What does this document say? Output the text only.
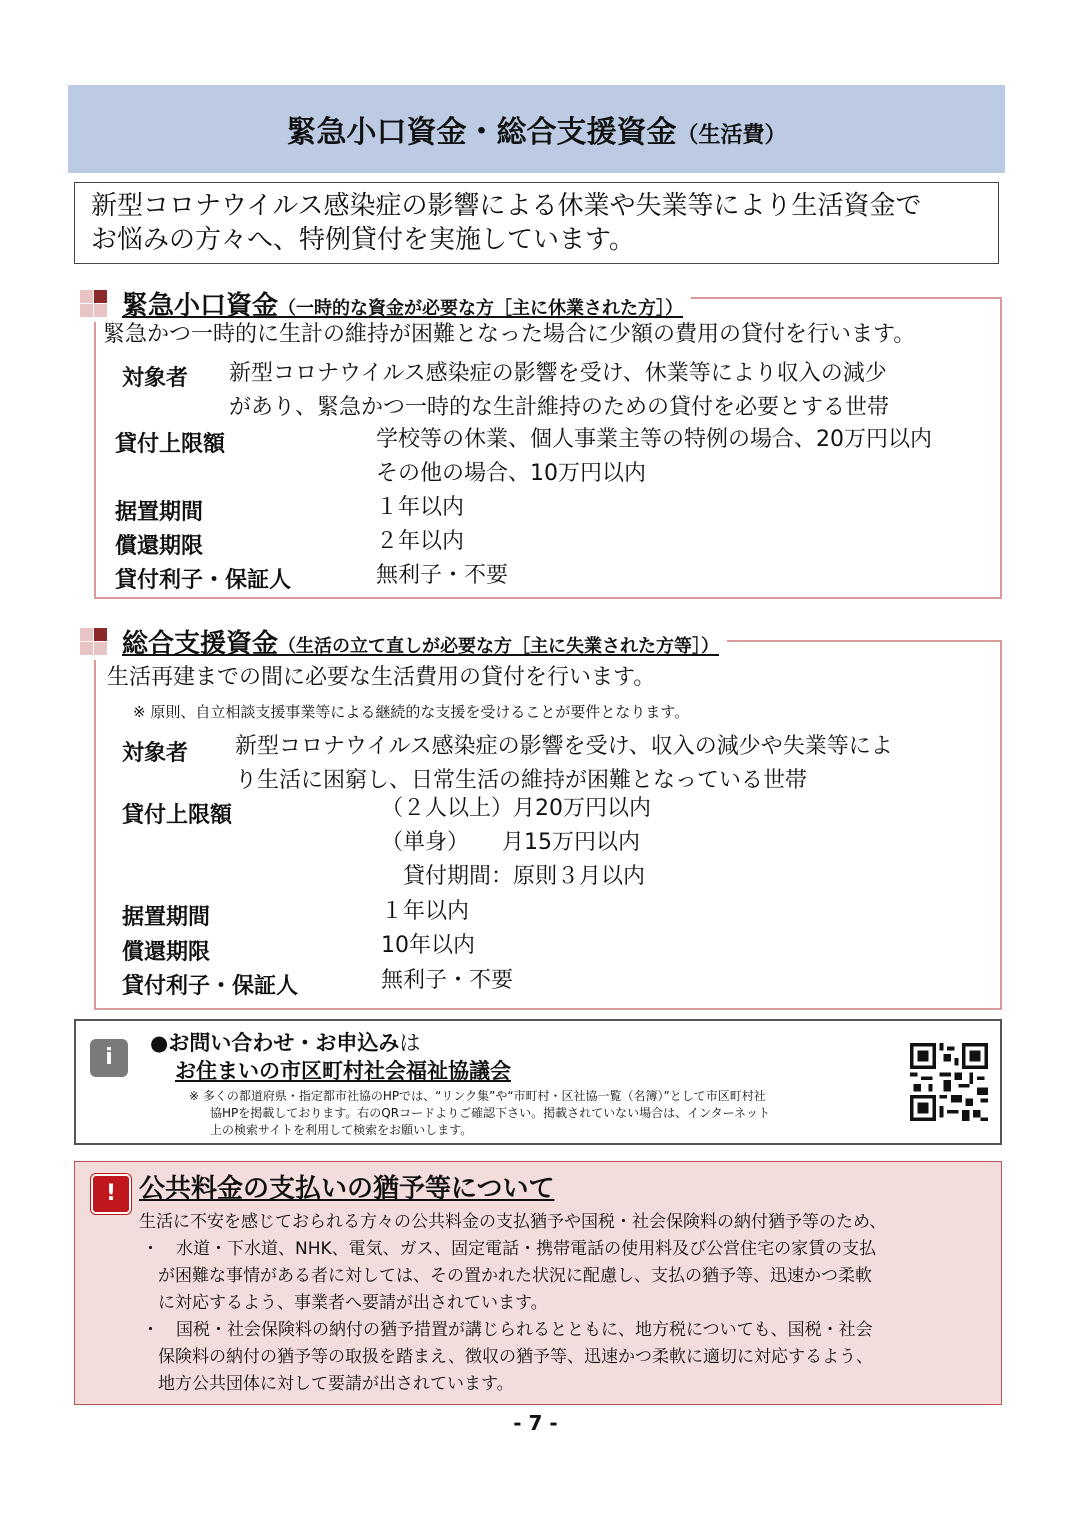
緊急小口資金・総合支援資金（生活費）
新型コロナウイルス感染症の影響による休業や失業等により生活資金で
お悩みの方々へ、特例貸付を実施しています。
緊急小口資金（一時的な資金が必要な方［主に休業された方］）
緊急かつ一時的に生計の維持が困難となった場合に少額の費用の貸付を行います。
対象者 新型コロナウイルス感染症の影響を受け、休業等により収入の減少
があり、緊急かつ一時的な生計維持のための貸付を必要とする世帯
貸付上限額	学校等の休業、個人事業主等の特例の場合、20万円以内
その他の場合、10万円以内
据置期間	１年以内
償還期限	２年以内
貸付利子・保証人	無利子・不要
総合支援資金（生活の立て直しが必要な方［主に失業された方等］）
生活再建までの間に必要な生活費用の貸付を行います。
※ 原則、自立相談支援事業等による継続的な支援を受けることが要件となります。
対象者 新型コロナウイルス感染症の影響を受け、収入の減少や失業等によ
り生活に困窮し、日常生活の維持が困難となっている世帯
貸付上限額	（２人以上）月20万円以内
（単身）　　月15万円以内
貸付期間：原則３月以内
据置期間	１年以内
償還期限	10年以内
貸付利子・保証人	無利子・不要
i
●お問い合わせ・お申込みは
お住まいの市区町村社会福祉協議会
※ 多くの都道府県・指定都市社協のHPでは、“リンク集”や“市町村・区社協一覧（名簿）”として市区町村社
協HPを掲載しております。右のQRコードよりご確認下さい。掲載されていない場合は、インターネット
上の検索サイトを利用して検索をお願いします。
! 公共料金の支払いの猶予等について
生活に不安を感じておられる方々の公共料金の支払猶予や国税・社会保険料の納付猶予等のため、
・　水道・下水道、NHK、電気、ガス、固定電話・携帯電話の使用料及び公営住宅の家賃の支払
が困難な事情がある者に対しては、その置かれた状況に配慮し、支払の猶予等、迅速かつ柔軟
に対応するよう、事業者へ要請が出されています。
・　国税・社会保険料の納付の猶予措置が講じられるとともに、地方税についても、国税・社会
保険料の納付の猶予等の取扱を踏まえ、徴収の猶予等、迅速かつ柔軟に適切に対応するよう、
地方公共団体に対して要請が出されています。
- 7 -
